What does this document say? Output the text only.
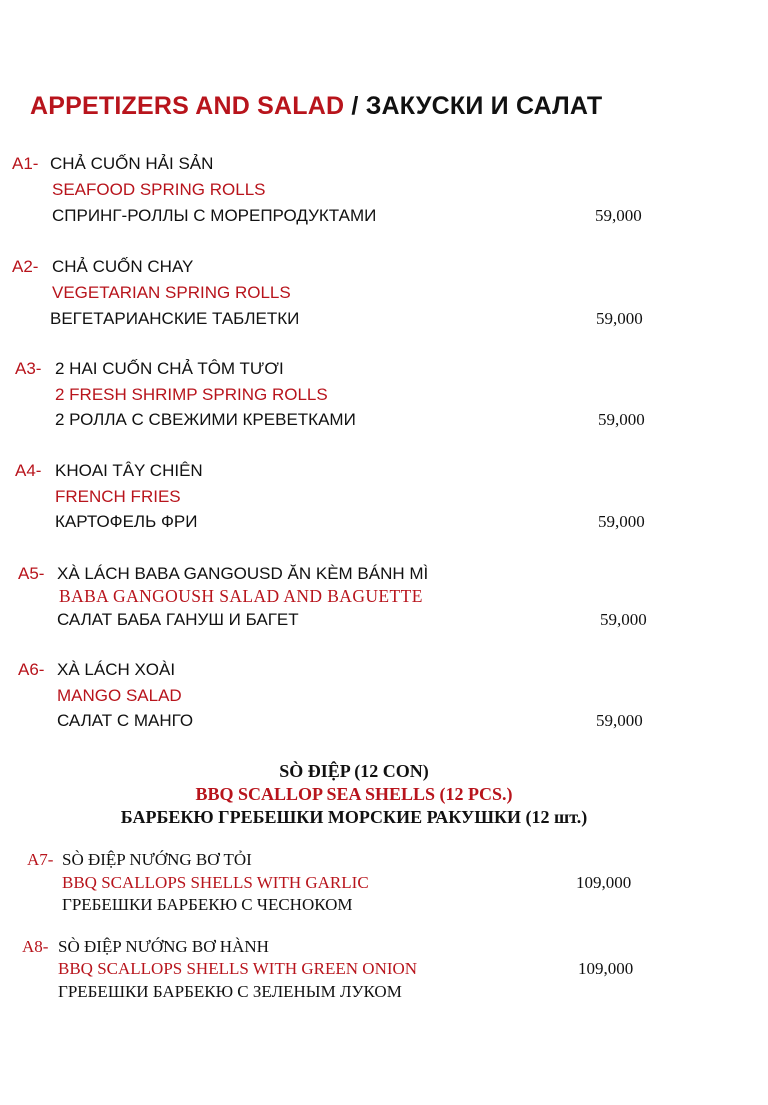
APPETIZERS AND SALAD / ЗАКУСКИ И САЛАТ
A1- CHẢ CUỐN HẢI SẢN
SEAFOOD SPRING ROLLS
СПРИНГ-РОЛЛЫ С МОРЕПРОДУКТАМИ	59,000
A2- CHẢ CUỐN CHAY
VEGETARIAN SPRING ROLLS
ВЕГЕТАРИАНСКИЕ ТАБЛЕТКИ	59,000
A3- 2 HAI CUỐN CHẢ TÔM TƯƠI
2 FRESH SHRIMP SPRING ROLLS
2 РОЛЛА С СВЕЖИМИ КРЕВЕТКАМИ	59,000
A4- KHOAI TÂY CHIÊN
FRENCH FRIES
КАРТОФЕЛЬ ФРИ	59,000
A5- XÀ LÁCH BABA GANGOUSD ĂN KÈM BÁNH MÌ
BABA GANGOUSH SALAD AND BAGUETTE
САЛАТ БАБА ГАНУШ И БАГЕТ	59,000
A6- XÀ LÁCH XOÀI
MANGO SALAD
САЛАТ С МАНГО	59,000
SÒ ĐIỆP (12 CON)
BBQ SCALLOP SEA SHELLS (12 PCS.)
БАРБЕКЮ ГРЕБЕШКИ МОРСКИЕ РАКУШКИ (12 шт.)
A7- SÒ ĐIỆP NƯỚNG BƠ TỎI
BBQ SCALLOPS SHELLS WITH GARLIC
ГРЕБЕШКИ БАРБЕКЮ С ЧЕСНОКОМ
109,000
A8- SÒ ĐIỆP NƯỚNG BƠ HÀNH
BBQ SCALLOPS SHELLS WITH GREEN ONION
ГРЕБЕШКИ БАРБЕКЮ С ЗЕЛЕНЫМ ЛУКОМ
109,000
